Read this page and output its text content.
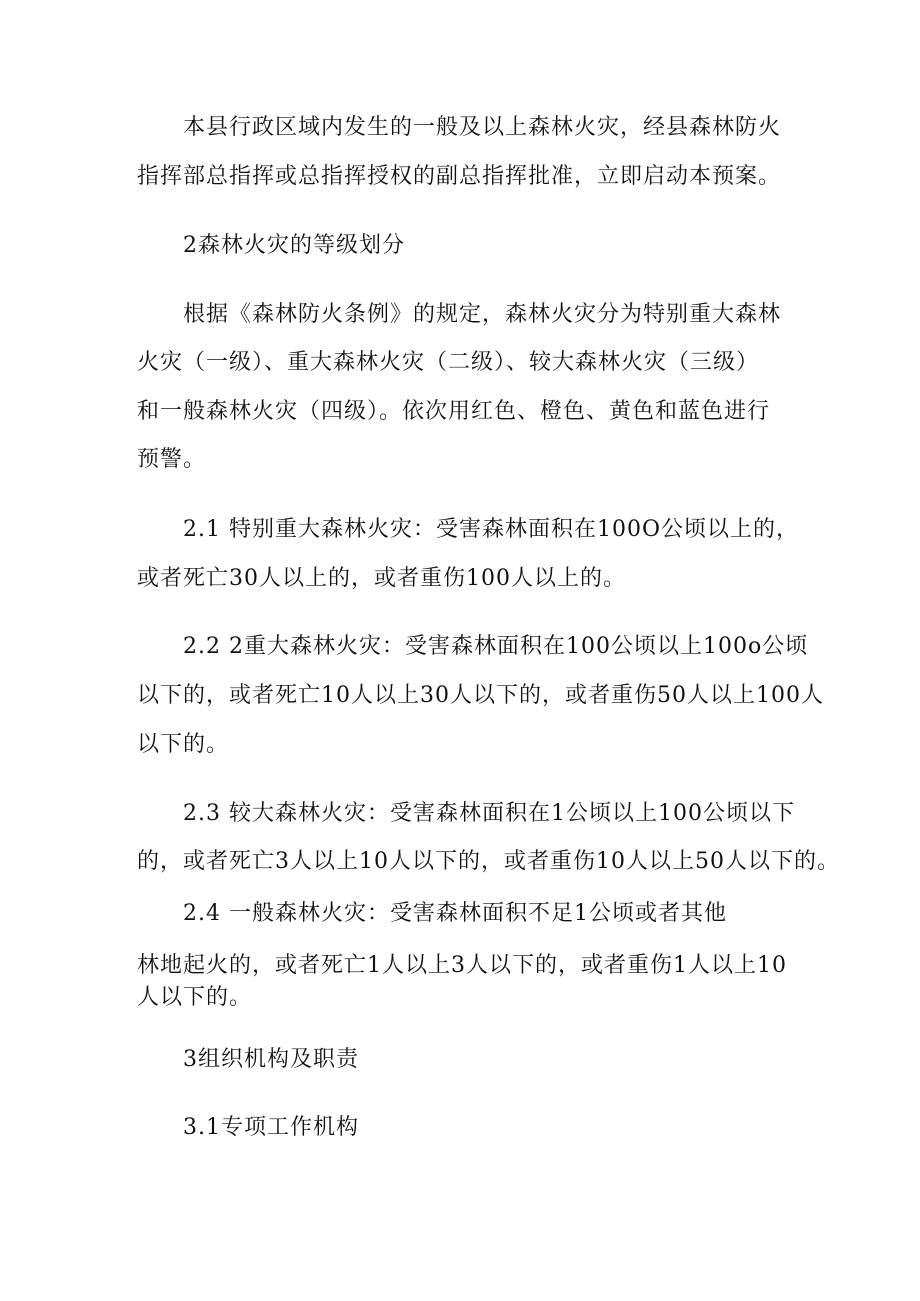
本县行政区域内发生的一般及以上森林火灾，经县森林防火
指挥部总指挥或总指挥授权的副总指挥批准，立即启动本预案。
2森林火灾的等级划分
根据《森林防火条例》的规定，森林火灾分为特别重大森林
火灾（一级）、重大森林火灾（二级）、较大森林火灾（三级）
和一般森林火灾（四级）。依次用红色、橙色、黄色和蓝色进行
预警。
2.1 特别重大森林火灾：受害森林面积在100O公顷以上的，
或者死亡30人以上的，或者重伤100人以上的。
2.2 2重大森林火灾：受害森林面积在100公顷以上100o公顷
以下的，或者死亡10人以上30人以下的，或者重伤50人以上100人
以下的。
2.3 较大森林火灾：受害森林面积在1公顷以上100公顷以下
的，或者死亡3人以上10人以下的，或者重伤10人以上50人以下的。
2.4 一般森林火灾：受害森林面积不足1公顷或者其他
林地起火的，或者死亡1人以上3人以下的，或者重伤1人以上10
人以下的。
3组织机构及职责
3.1专项工作机构
